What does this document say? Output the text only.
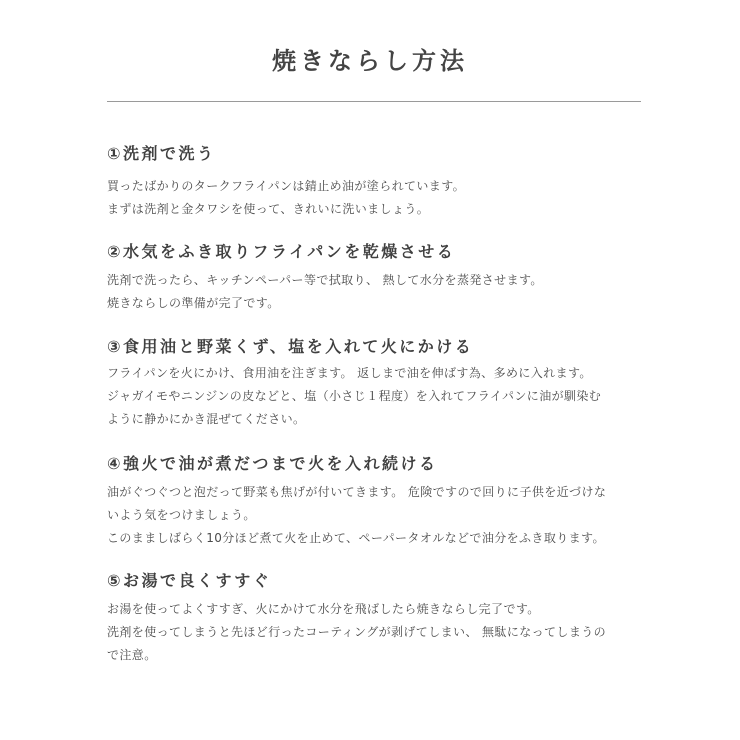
焼きならし方法
①洗剤で洗う
買ったばかりのタークフライパンは錆止め油が塗られています。
まずは洗剤と金タワシを使って、きれいに洗いましょう。
②水気をふき取りフライパンを乾燥させる
洗剤で洗ったら、キッチンペーパー等で拭取り、 熱して水分を蒸発させます。
焼きならしの準備が完了です。
③食用油と野菜くず、塩を入れて火にかける
フライパンを火にかけ、食用油を注ぎます。 返しまで油を伸ばす為、多めに入れます。
ジャガイモやニンジンの皮などと、塩（小さじ１程度）を入れてフライパンに油が馴染む
ように静かにかき混ぜてください。
④強火で油が煮だつまで火を入れ続ける
油がぐつぐつと泡だって野菜も焦げが付いてきます。 危険ですので回りに子供を近づけな
いよう気をつけましょう。
このまましばらく10分ほど煮て火を止めて、ペーパータオルなどで油分をふき取ります。
⑤お湯で良くすすぐ
お湯を使ってよくすすぎ、火にかけて水分を飛ばしたら焼きならし完了です。
洗剤を使ってしまうと先ほど行ったコーティングが剥げてしまい、 無駄になってしまうの
で注意。
